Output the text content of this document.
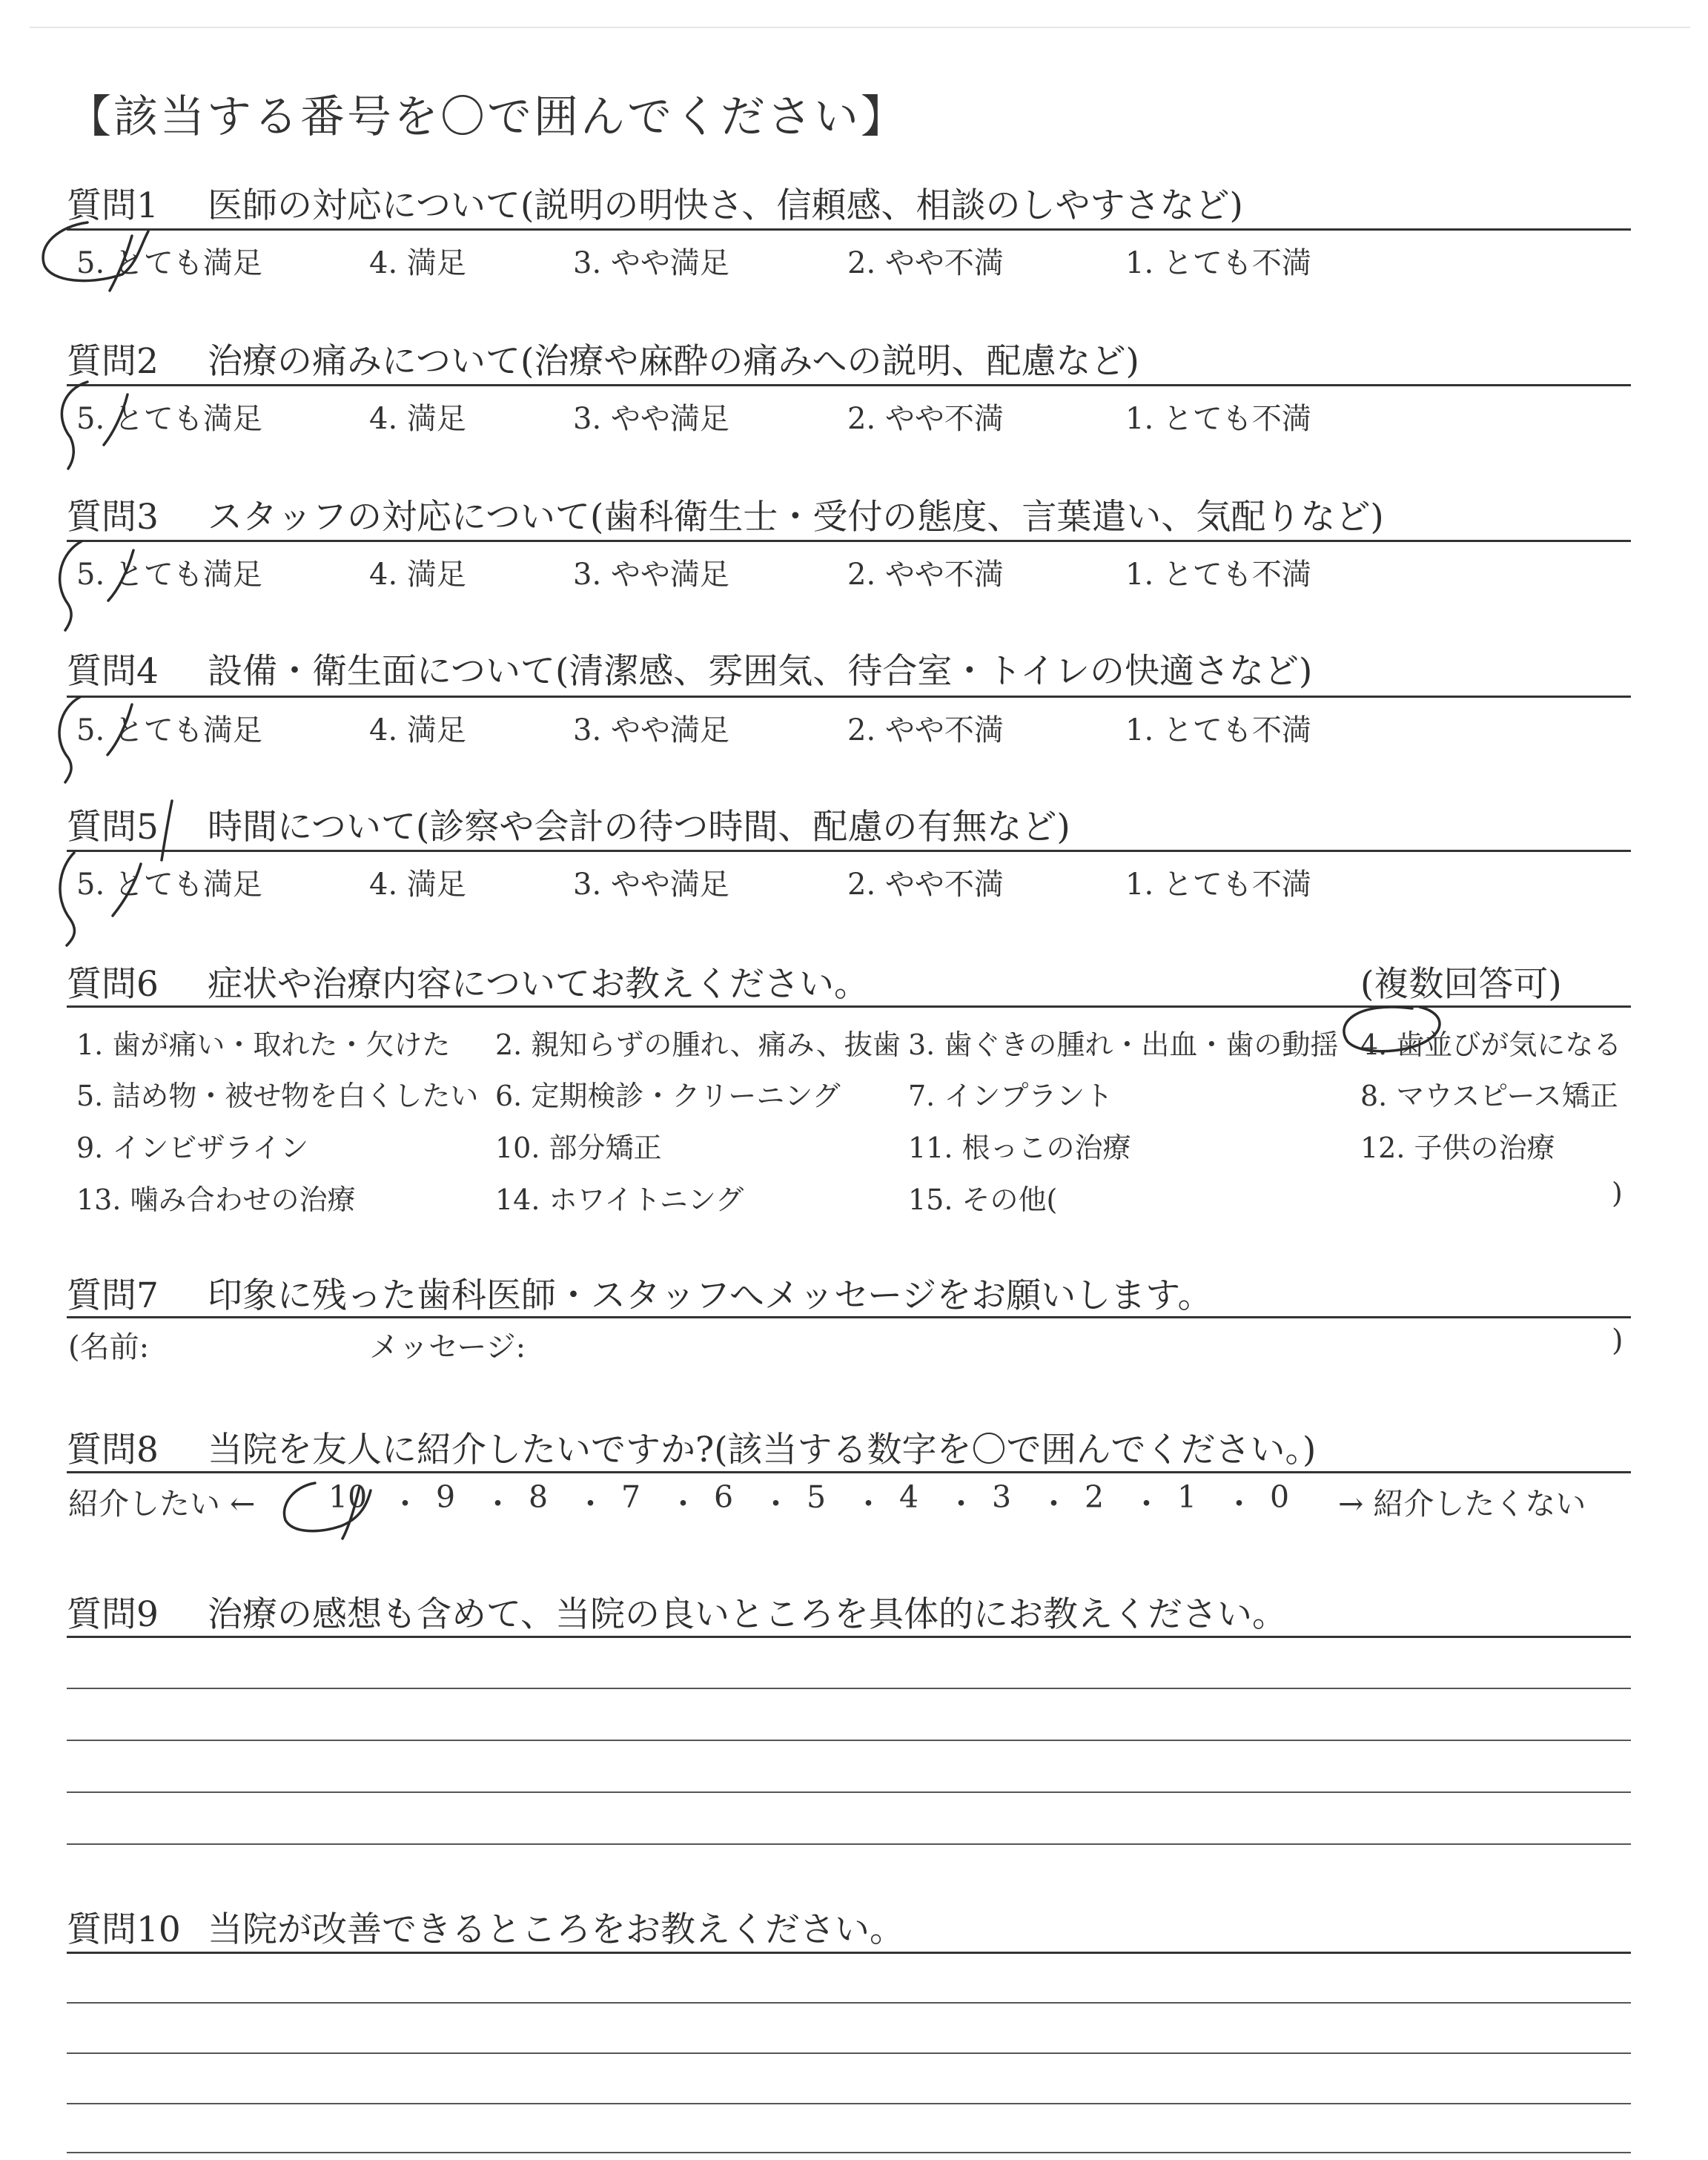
【該当する番号を〇で囲んでください】
質問1 医師の対応について(説明の明快さ、信頼感、相談のしやすさなど)
5. とても満足	4. 満足	3. やや満足	2. やや不満	1. とても不満
質問2 治療の痛みについて(治療や麻酔の痛みへの説明、配慮など)
5. とても満足	4. 満足	3. やや満足	2. やや不満	1. とても不満
質問3 スタッフの対応について(歯科衛生士・受付の態度、言葉遣い、気配りなど)
5. とても満足	4. 満足	3. やや満足	2. やや不満	1. とても不満
質問4 設備・衛生面について(清潔感、雰囲気、待合室・トイレの快適さなど)
5. とても満足	4. 満足	3. やや満足	2. やや不満	1. とても不満
質問5 時間について(診察や会計の待つ時間、配慮の有無など)
5. とても満足	4. 満足	3. やや満足	2. やや不満	1. とても不満
質問6 症状や治療内容についてお教えください。	(複数回答可)
1. 歯が痛い・取れた・欠けた 2. 親知らずの腫れ、痛み、抜歯 3. 歯ぐきの腫れ・出血・歯の動揺 4. 歯並びが気になる
5. 詰め物・被せ物を白くしたい 6. 定期検診・クリーニング 7. インプラント	8. マウスピース矯正
9. インビザライン	10. 部分矯正	11. 根っこの治療	12. 子供の治療
13. 噛み合わせの治療	14. ホワイトニング	15. その他(	)
質問7 印象に残った歯科医師・スタッフへメッセージをお願いします。
(名前:	メッセージ:	)
質問8 当院を友人に紹介したいですか?(該当する数字を〇で囲んでください。)
紹介したい ← 10 ・ 9 ・ 8 ・ 7 ・ 6 ・ 5 ・ 4 ・ 3 ・ 2 ・ 1 ・ 0 → 紹介したくない
質問9 治療の感想も含めて、当院の良いところを具体的にお教えください。
質問10 当院が改善できるところをお教えください。
